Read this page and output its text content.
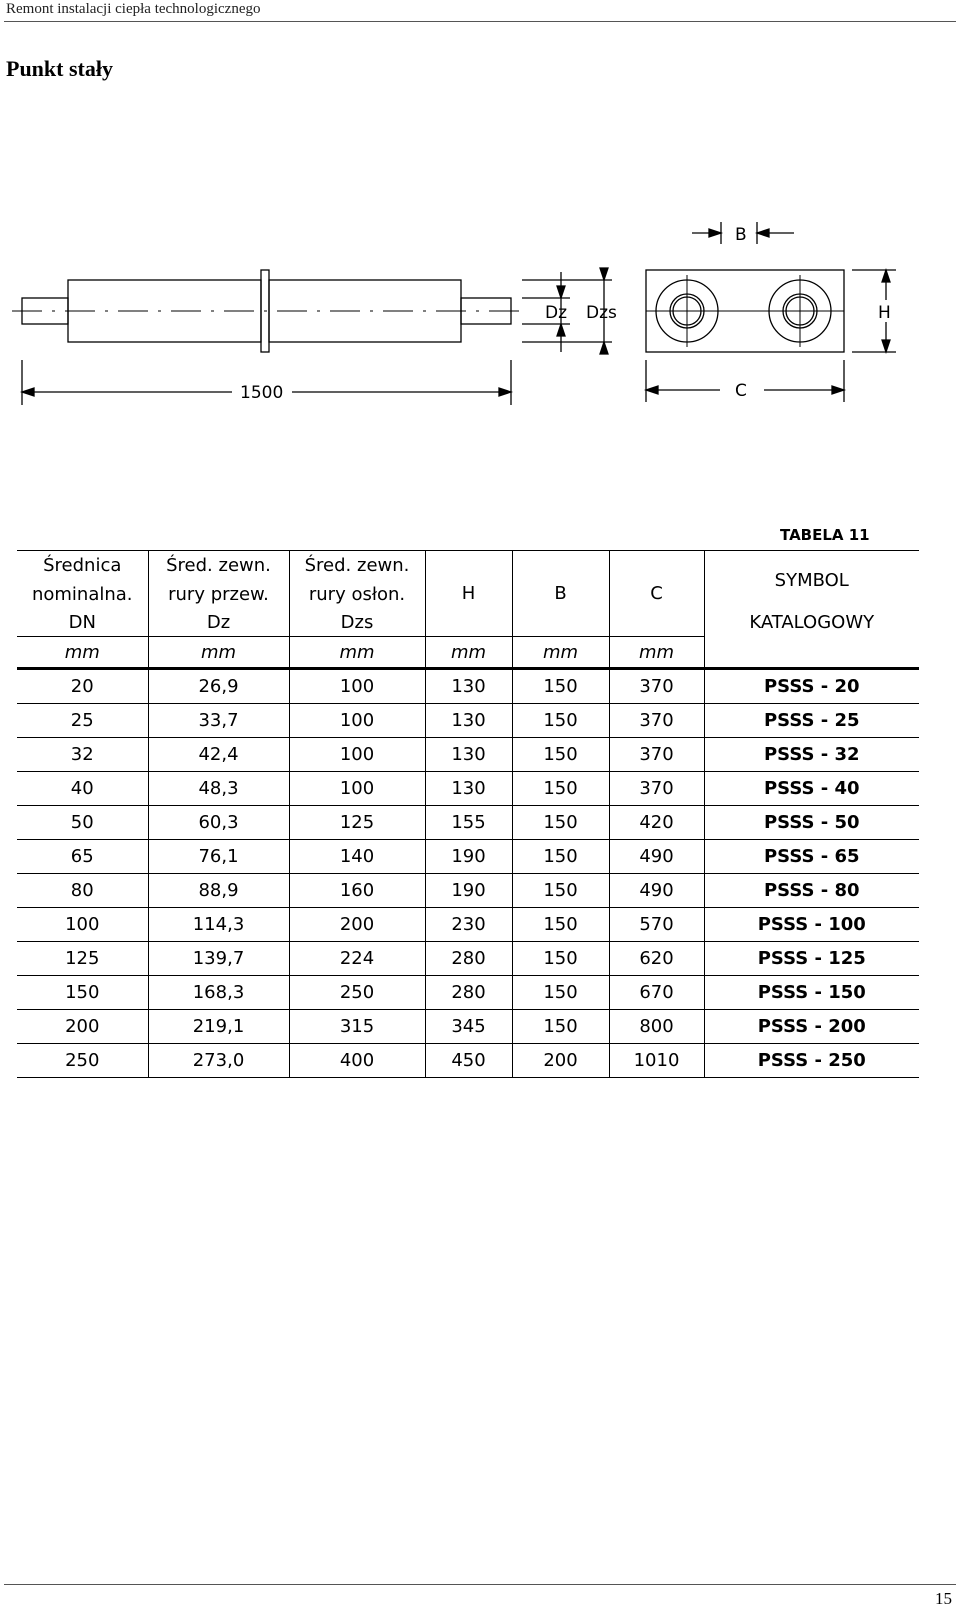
Remont instalacji ciepła technologicznego
Punkt stały
1500
Dz Dzs
B
H
C
TABELA 11
Średnica	Śred. zewn.	Śred. zewn.	H	B	C	SYMBOL
nominalna.	rury przew.	rury osłon.				
DN	Dz	Dzs				KATALOGOWY
mm	mm	mm	mm	mm	mm	
20	26,9	100	130	150	370	PSSS - 20
25	33,7	100	130	150	370	PSSS - 25
32	42,4	100	130	150	370	PSSS - 32
40	48,3	100	130	150	370	PSSS - 40
50	60,3	125	155	150	420	PSSS - 50
65	76,1	140	190	150	490	PSSS - 65
80	88,9	160	190	150	490	PSSS - 80
100	114,3	200	230	150	570	PSSS - 100
125	139,7	224	280	150	620	PSSS - 125
150	168,3	250	280	150	670	PSSS - 150
200	219,1	315	345	150	800	PSSS - 200
250	273,0	400	450	200	1010	PSSS - 250
15
